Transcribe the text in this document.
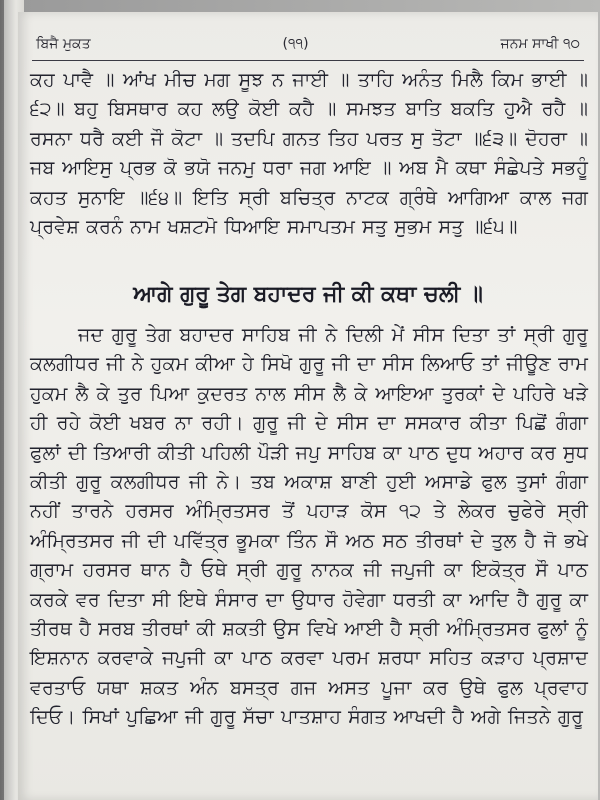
ਬਿਜੈ ਮੁਕਤ	(੧੧)	ਜਨਮ ਸਾਖੀ ੧੦

ਕਹ ਪਾਵੈ ॥ ਆਂਖ ਮੀਚ ਮਗ ਸੂਝ ਨ ਜਾਈ ॥ ਤਾਹਿ ਅਨੰਤ ਮਿਲੈ ਕਿਮ ਭਾਈ ॥੬੨॥ ਬਹੁ ਬਿਸਥਾਰ ਕਹ ਲਉ ਕੋਈ ਕਹੈ ॥ ਸਮਝਤ ਬਾਤਿ ਬਕਤਿ ਹੁਐ ਰਹੈ ॥ ਰਸਨਾ ਧਰੈ ਕਈ ਜੌ ਕੋਟਾ ॥ ਤਦਪਿ ਗਨਤ ਤਿਹ ਪਰਤ ਸੁ ਤੋਟਾ ॥੬੩॥ ਦੋਹਰਾ ॥ ਜਬ ਆਇਸੁ ਪ੍ਰਭ ਕੋ ਭਯੋ ਜਨਮੁ ਧਰਾ ਜਗ ਆਇ ॥ ਅਬ ਮੈ ਕਥਾ ਸੰਛੇਪਤੇ ਸਭਹੂੰ ਕਹਤ ਸੁਨਾਇ ॥੬੪॥ ਇਤਿ ਸ੍ਰੀ ਬਚਿਤ੍ਰ ਨਾਟਕ ਗ੍ਰੰਥੇ ਆਗਿਆ ਕਾਲ ਜਗ ਪ੍ਰਵੇਸ਼ ਕਰਨੰ ਨਾਮ ਖਸ਼ਟਮੋ ਧਿਆਇ ਸਮਾਪਤਮ ਸਤੁ ਸੁਭਮ ਸਤੁ ॥੬੫॥

ਆਗੇ ਗੁਰੂ ਤੇਗ ਬਹਾਦਰ ਜੀ ਕੀ ਕਥਾ ਚਲੀ ॥

ਜਦ ਗੁਰੂ ਤੇਗ ਬਹਾਦਰ ਸਾਹਿਬ ਜੀ ਨੇ ਦਿਲੀ ਮੇਂ ਸੀਸ ਦਿਤਾ ਤਾਂ ਸ੍ਰੀ ਗੁਰੂ ਕਲਗੀਧਰ ਜੀ ਨੇ ਹੁਕਮ ਕੀਆ ਹੇ ਸਿਖੋ ਗੁਰੂ ਜੀ ਦਾ ਸੀਸ ਲਿਆਓ ਤਾਂ ਜੀਊਣ ਰਾਮ ਹੁਕਮ ਲੈ ਕੇ ਤੁਰ ਪਿਆ ਕੁਦਰਤ ਨਾਲ ਸੀਸ ਲੈ ਕੇ ਆਇਆ ਤੁਰਕਾਂ ਦੇ ਪਹਿਰੇ ਖੜੇ ਹੀ ਰਹੇ ਕੋਈ ਖਬਰ ਨਾ ਰਹੀ। ਗੁਰੂ ਜੀ ਦੇ ਸੀਸ ਦਾ ਸਸਕਾਰ ਕੀਤਾ ਪਿਛੋਂ ਗੰਗਾ ਫੁਲਾਂ ਦੀ ਤਿਆਰੀ ਕੀਤੀ ਪਹਿਲੀ ਪੌੜੀ ਜਪੁ ਸਾਹਿਬ ਕਾ ਪਾਠ ਦੁਧ ਅਹਾਰ ਕਰ ਸੁਧ ਕੀਤੀ ਗੁਰੂ ਕਲਗੀਧਰ ਜੀ ਨੇ। ਤਬ ਅਕਾਸ਼ ਬਾਣੀ ਹੁਈ ਅਸਾਡੇ ਫੁਲ ਤੁਸਾਂ ਗੰਗਾ ਨਹੀਂ ਤਾਰਨੇ ਹਰਸਰ ਅੰਮ੍ਰਿਤਸਰ ਤੋਂ ਪਹਾੜ ਕੋਸ ੧੨ ਤੇ ਲੇਕਰ ਚੁਫੇਰੇ ਸ੍ਰੀ ਅੰਮ੍ਰਿਤਸਰ ਜੀ ਦੀ ਪਵਿੱਤ੍ਰ ਭੂਮਕਾ ਤਿੰਨ ਸੌ ਅਠ ਸਠ ਤੀਰਥਾਂ ਦੇ ਤੁਲ ਹੈ ਜੋ ਭਖੇ ਗ੍ਰਾਮ ਹਰਸਰ ਥਾਨ ਹੈ ਓਥੇ ਸ੍ਰੀ ਗੁਰੂ ਨਾਨਕ ਜੀ ਜਪੁਜੀ ਕਾ ਇਕੋਤ੍ਰ ਸੌ ਪਾਠ ਕਰਕੇ ਵਰ ਦਿਤਾ ਸੀ ਇਥੇ ਸੰਸਾਰ ਦਾ ਉਧਾਰ ਹੋਵੇਗਾ ਧਰਤੀ ਕਾ ਆਦਿ ਹੈ ਗੁਰੂ ਕਾ ਤੀਰਥ ਹੈ ਸਰਬ ਤੀਰਥਾਂ ਕੀ ਸ਼ਕਤੀ ਉਸ ਵਿਖੇ ਆਈ ਹੈ ਸ੍ਰੀ ਅੰਮ੍ਰਿਤਸਰ ਫੁਲਾਂ ਨੂੰ ਇਸ਼ਨਾਨ ਕਰਵਾਕੇ ਜਪੁਜੀ ਕਾ ਪਾਠ ਕਰਵਾ ਪਰਮ ਸ਼ਰਧਾ ਸਹਿਤ ਕੜਾਹ ਪ੍ਰਸ਼ਾਦ ਵਰਤਾਓ ਯਥਾ ਸ਼ਕਤ ਅੰਨ ਬਸਤ੍ਰ ਗਜ ਅਸਤ ਪੂਜਾ ਕਰ ਉਥੇ ਫੁਲ ਪ੍ਰਵਾਹ ਦਿਓ। ਸਿਖਾਂ ਪੁਛਿਆ ਜੀ ਗੁਰੂ ਸੱਚਾ ਪਾਤਸ਼ਾਹ ਸੰਗਤ ਆਖਦੀ ਹੈ ਅਗੇ ਜਿਤਨੇ ਗੁਰੂ
